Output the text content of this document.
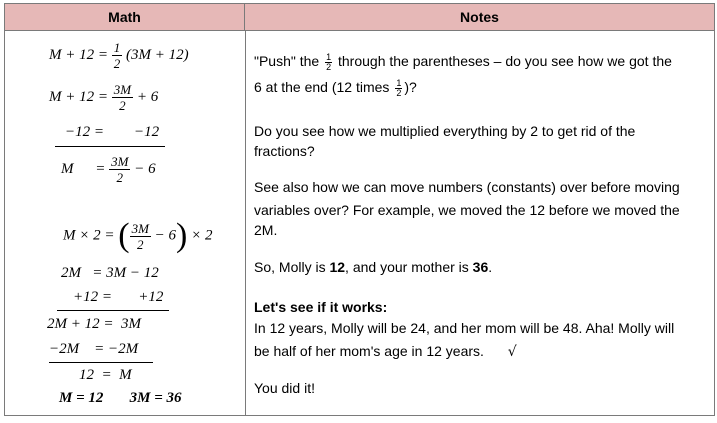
Math	Notes
$M + 12 = \frac{1}{2} (3M + 12)$
$M + 12 = \frac{3M}{2} + 6$
−12 =        −12
$M = \frac{3M}{2} - 6$
M × 2 = ( $\frac{3M}{2} - 6) \times 2$
2M   = 3M − 12
+12 =       +12
2M + 12 =  3M
−2M    = −2M
12  =  M
M = 12       3M = 36
"Push" the $\frac{1}{2}$ through the parentheses – do you see how we got the
6 at the end (12 times $\frac{1}{2}$ )?
Do you see how we multiplied everything by 2 to get rid of the
fractions?
See also how we can move numbers (constants) over before moving
variables over? For example, we moved the 12 before we moved the
2M.
So, Molly is 12, and your mother is 36.
Let's see if it works:
In 12 years, Molly will be 24, and her mom will be 48. Aha! Molly will
be half of her mom's age in 12 years. √
You did it!
